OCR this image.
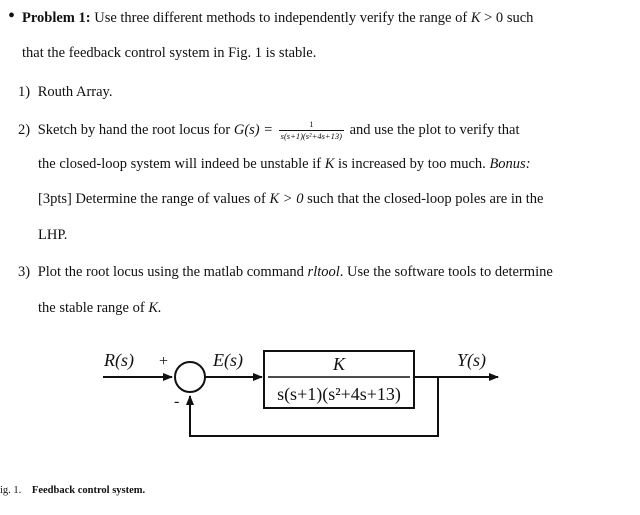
• Problem 1: Use three different methods to independently verify the range of K > 0 such
that the feedback control system in Fig. 1 is stable.
1) Routh Array.
2) Sketch by hand the root locus for $G(s) = \frac{1}{\text{s(s+1)(s²+4s+13)}}$ and use the plot to verify that
the closed-loop system will indeed be unstable if K is increased by too much. Bonus:
[3pts] Determine the range of values of K > 0 such that the closed-loop poles are in the
LHP.
3) Plot the root locus using the matlab command rltool. Use the software tools to determine
the stable range of K.
R(s) +
-
E(s)	K
s(s+1)(s²+4s+13)
Y(s)
ig. 1. Feedback control system.
